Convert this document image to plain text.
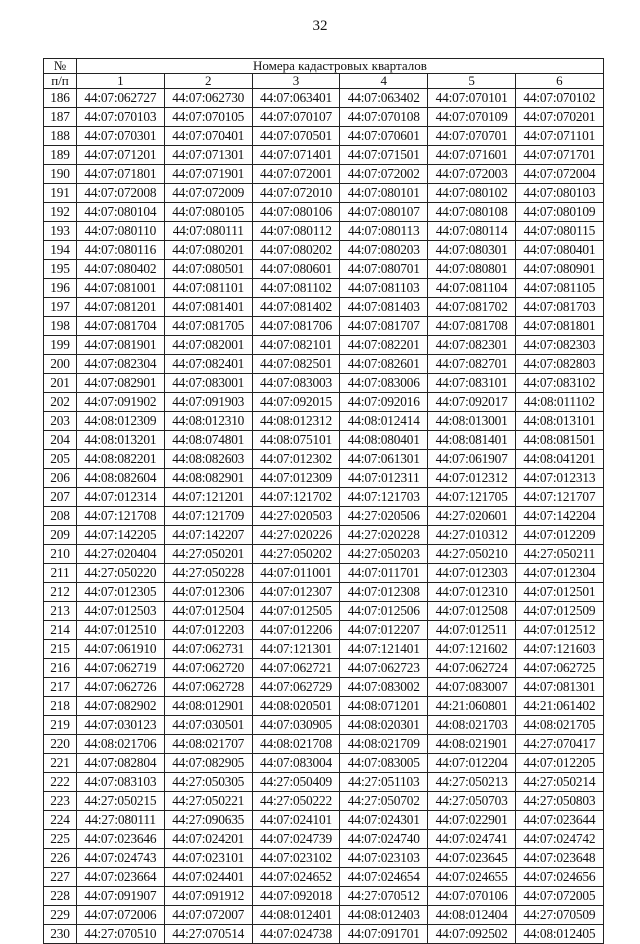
32
№	Номера кадастровых кварталов					
п/п	1	2	3	4	5	6
186	44:07:062727	44:07:062730	44:07:063401	44:07:063402	44:07:070101	44:07:070102
187	44:07:070103	44:07:070105	44:07:070107	44:07:070108	44:07:070109	44:07:070201
188	44:07:070301	44:07:070401	44:07:070501	44:07:070601	44:07:070701	44:07:071101
189	44:07:071201	44:07:071301	44:07:071401	44:07:071501	44:07:071601	44:07:071701
190	44:07:071801	44:07:071901	44:07:072001	44:07:072002	44:07:072003	44:07:072004
191	44:07:072008	44:07:072009	44:07:072010	44:07:080101	44:07:080102	44:07:080103
192	44:07:080104	44:07:080105	44:07:080106	44:07:080107	44:07:080108	44:07:080109
193	44:07:080110	44:07:080111	44:07:080112	44:07:080113	44:07:080114	44:07:080115
194	44:07:080116	44:07:080201	44:07:080202	44:07:080203	44:07:080301	44:07:080401
195	44:07:080402	44:07:080501	44:07:080601	44:07:080701	44:07:080801	44:07:080901
196	44:07:081001	44:07:081101	44:07:081102	44:07:081103	44:07:081104	44:07:081105
197	44:07:081201	44:07:081401	44:07:081402	44:07:081403	44:07:081702	44:07:081703
198	44:07:081704	44:07:081705	44:07:081706	44:07:081707	44:07:081708	44:07:081801
199	44:07:081901	44:07:082001	44:07:082101	44:07:082201	44:07:082301	44:07:082303
200	44:07:082304	44:07:082401	44:07:082501	44:07:082601	44:07:082701	44:07:082803
201	44:07:082901	44:07:083001	44:07:083003	44:07:083006	44:07:083101	44:07:083102
202	44:07:091902	44:07:091903	44:07:092015	44:07:092016	44:07:092017	44:08:011102
203	44:08:012309	44:08:012310	44:08:012312	44:08:012414	44:08:013001	44:08:013101
204	44:08:013201	44:08:074801	44:08:075101	44:08:080401	44:08:081401	44:08:081501
205	44:08:082201	44:08:082603	44:07:012302	44:07:061301	44:07:061907	44:08:041201
206	44:08:082604	44:08:082901	44:07:012309	44:07:012311	44:07:012312	44:07:012313
207	44:07:012314	44:07:121201	44:07:121702	44:07:121703	44:07:121705	44:07:121707
208	44:07:121708	44:07:121709	44:27:020503	44:27:020506	44:27:020601	44:07:142204
209	44:07:142205	44:07:142207	44:27:020226	44:27:020228	44:27:010312	44:07:012209
210	44:27:020404	44:27:050201	44:27:050202	44:27:050203	44:27:050210	44:27:050211
211	44:27:050220	44:27:050228	44:07:011001	44:07:011701	44:07:012303	44:07:012304
212	44:07:012305	44:07:012306	44:07:012307	44:07:012308	44:07:012310	44:07:012501
213	44:07:012503	44:07:012504	44:07:012505	44:07:012506	44:07:012508	44:07:012509
214	44:07:012510	44:07:012203	44:07:012206	44:07:012207	44:07:012511	44:07:012512
215	44:07:061910	44:07:062731	44:07:121301	44:07:121401	44:07:121602	44:07:121603
216	44:07:062719	44:07:062720	44:07:062721	44:07:062723	44:07:062724	44:07:062725
217	44:07:062726	44:07:062728	44:07:062729	44:07:083002	44:07:083007	44:07:081301
218	44:07:082902	44:08:012901	44:08:020501	44:08:071201	44:21:060801	44:21:061402
219	44:07:030123	44:07:030501	44:07:030905	44:08:020301	44:08:021703	44:08:021705
220	44:08:021706	44:08:021707	44:08:021708	44:08:021709	44:08:021901	44:27:070417
221	44:07:082804	44:07:082905	44:07:083004	44:07:083005	44:07:012204	44:07:012205
222	44:07:083103	44:27:050305	44:27:050409	44:27:051103	44:27:050213	44:27:050214
223	44:27:050215	44:27:050221	44:27:050222	44:27:050702	44:27:050703	44:27:050803
224	44:27:080111	44:27:090635	44:07:024101	44:07:024301	44:07:022901	44:07:023644
225	44:07:023646	44:07:024201	44:07:024739	44:07:024740	44:07:024741	44:07:024742
226	44:07:024743	44:07:023101	44:07:023102	44:07:023103	44:07:023645	44:07:023648
227	44:07:023664	44:07:024401	44:07:024652	44:07:024654	44:07:024655	44:07:024656
228	44:07:091907	44:07:091912	44:07:092018	44:27:070512	44:07:070106	44:07:072005
229	44:07:072006	44:07:072007	44:08:012401	44:08:012403	44:08:012404	44:27:070509
230	44:27:070510	44:27:070514	44:07:024738	44:07:091701	44:07:092502	44:08:012405
